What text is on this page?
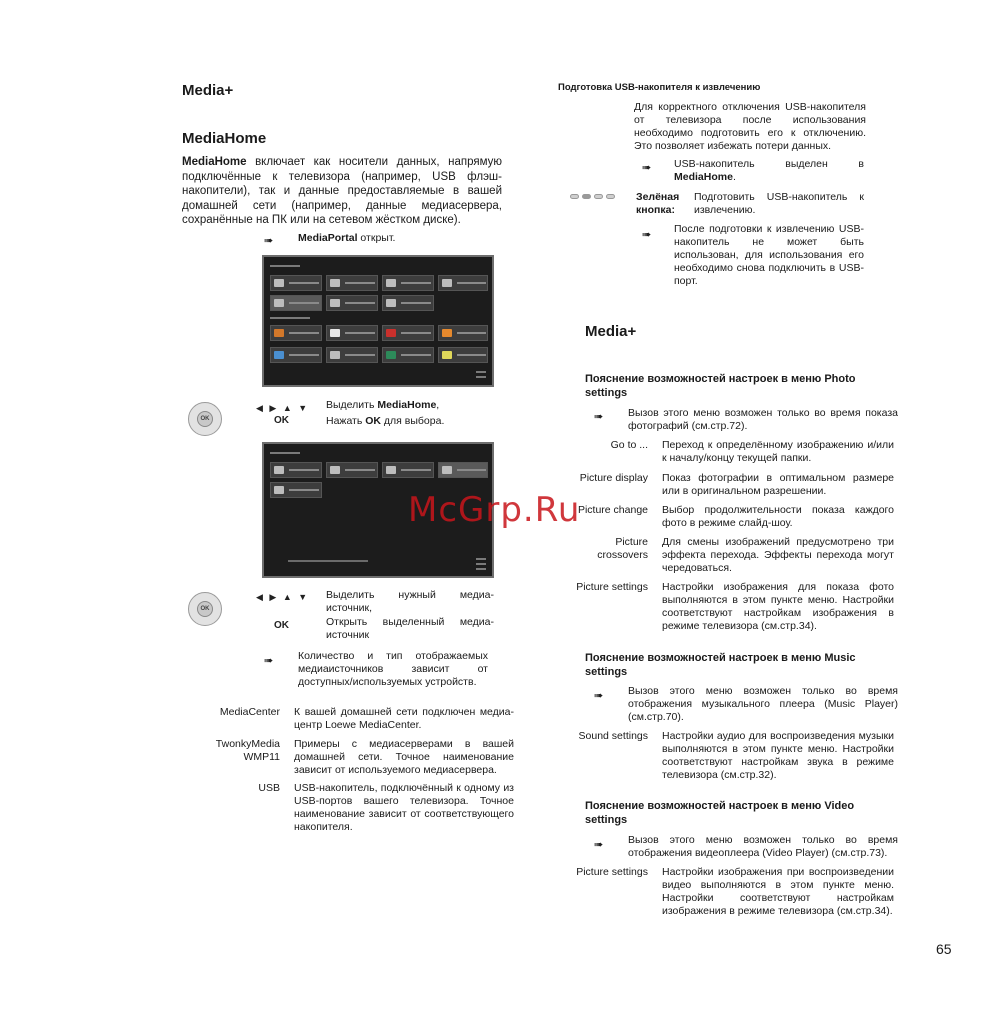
Media+
MediaHome
MediaHome включает как носители данных, напрямую подключённые к телевизора (например, USB флэш-накопители), так и данные предоставляемые в вашей домашней сети (например, данные медиасервера, сохранённые на ПК или на сетевом жёстком диске).
➠ MediaPortal открыт.
OK
◀ ▶ ▲ ▼
OK
Выделить MediaHome,
Нажать OK для выбора.
OK
◀ ▶ ▲ ▼
OK
Выделить нужный медиа-источник,
Открыть выделенный медиа-источник
➠ Количество и тип отображаемых медиаисточников зависит от доступных/используемых устройств.
MediaCenter К вашей домашней сети подключен медиа-центр Loewe MediaCenter.
TwonkyMedia WMP11
Примеры с медиасерверами в вашей домашней сети. Точное наименование зависит от используемого медиасервера.
USB USB-накопитель, подключённый к одному из USB-портов вашего телевизора. Точное наименование зависит от соответствующего накопителя.
Подготовка USB-накопителя к извлечению
Для корректного отключения USB-накопителя от телевизора после использования необходимо подготовить его к отключению. Это позволяет избежать потери данных.
➠ USB-накопитель выделен в MediaHome.
Зелёная кнопка:
Подготовить USB-накопитель к извлечению.
➠ После подготовки к извлечению USB-накопитель не может быть использован, для использования его необходимо снова подключить в USB-порт.
Media+
Пояснение возможностей настроек в меню Photo settings
➠ Вызов этого меню возможен только во время показа фотографий (см.стр.72).
Go to ... Переход к определённому изображению и/или к началу/концу текущей папки.
Picture display Показ фотографии в оптимальном размере или в оригинальном разрешении.
Picture change Выбор продолжительности показа каждого фото в режиме слайд-шоу.
Picture crossovers
Для смены изображений предусмотрено три эффекта перехода. Эффекты перехода могут чередоваться.
Picture settings Настройки изображения для показа фото выполняются в этом пункте меню. Настройки соответствуют настройкам изображения в режиме телевизора (см.стр.34).
Пояснение возможностей настроек в меню Music settings
➠ Вызов этого меню возможен только во время отображения музыкального плеера (Music Player) (см.стр.70).
Sound settings Настройки аудио для воспроизведения музыки выполняются в этом пункте меню. Настройки соответствуют настройкам звука в режиме телевизора (см.стр.32).
Пояснение возможностей настроек в меню Video settings
➠ Вызов этого меню возможен только во время отображения видеоплеера (Video Player) (см.стр.73).
Picture settings Настройки изображения при воспроизведении видео выполняются в этом пункте меню. Настройки соответствуют настройкам изображения в режиме телевизора (см.стр.34).
65
McGrp.Ru
